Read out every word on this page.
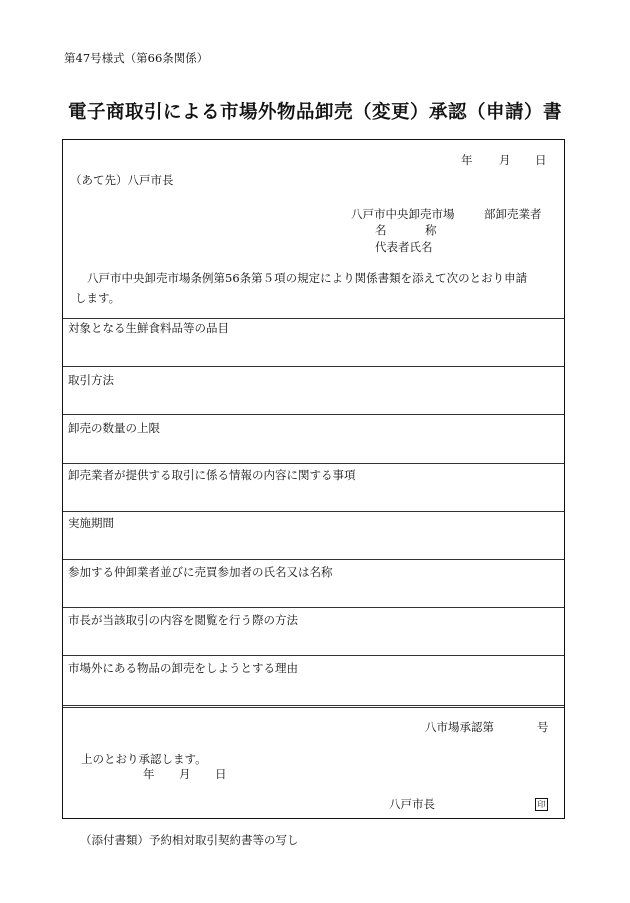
第47号様式（第66条関係）
電子商取引による市場外物品卸売（変更）承認（申請）書
年 月 日
（あて先）八戸市長
八戸市中央卸売市場	部卸売業者
名	称
代表者氏名
八戸市中央卸売市場条例第56条第５項の規定により関係書類を添えて次のとおり申請
します。
対象となる生鮮食料品等の品目
取引方法
卸売の数量の上限
卸売業者が提供する取引に係る情報の内容に関する事項
実施期間
参加する仲卸業者並びに売買参加者の氏名又は名称
市長が当該取引の内容を閲覧を行う際の方法
市場外にある物品の卸売をしようとする理由
八市場承認第	号
上のとおり承認します。
年 月 日
八戸市長	印
（添付書類）予約相対取引契約書等の写し
